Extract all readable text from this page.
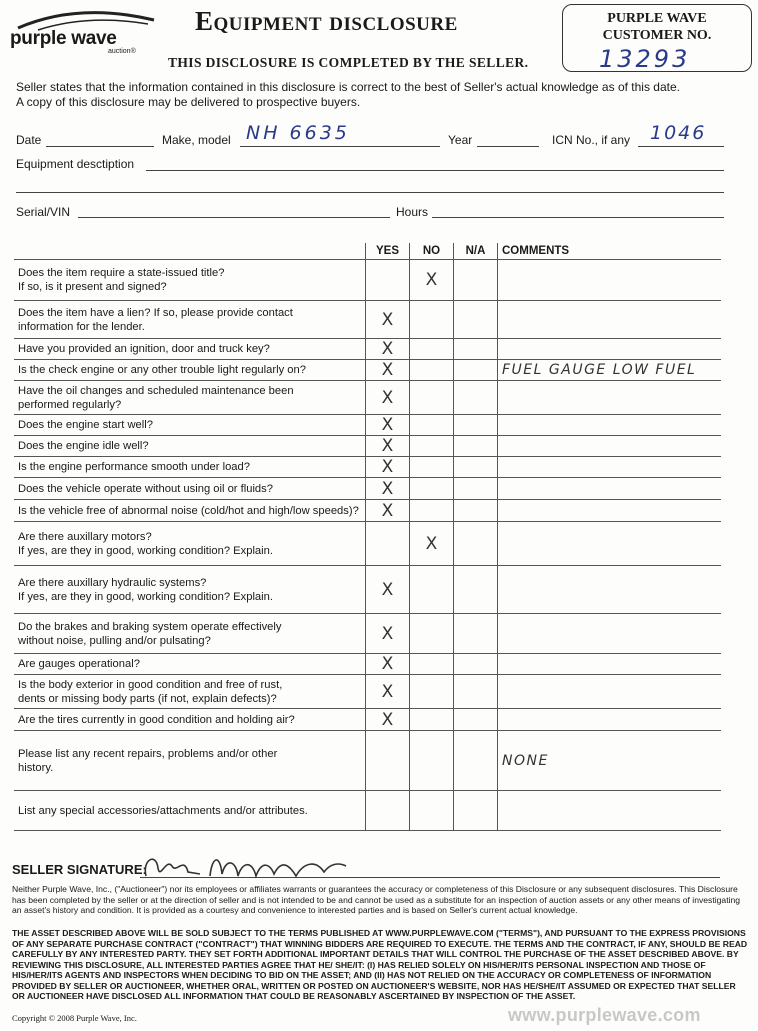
purple wave
auction®
Equipment disclosure
THIS DISCLOSURE IS COMPLETED BY THE SELLER.
PURPLE WAVE
CUSTOMER NO.
13293
Seller states that the information contained in this disclosure is correct to the best of Seller's actual knowledge as of this date.
A copy of this disclosure may be delivered to prospective buyers.
Date	Make, model NH 6635	Year	ICN No., if any 1046
Equipment desctiption
Serial/VIN	Hours
	YES	NO	N/A	COMMENTS

Does the item require a state-issued title?
If so, is it present and signed?		X		

Does the item have a lien? If so, please provide contact
information for the lender.	X			

Have you provided an ignition, door and truck key?	X			

Is the check engine or any other trouble light regularly on?	X			FUEL GAUGE LOW FUEL

Have the oil changes and scheduled maintenance been
performed regularly?	X			

Does the engine start well?	X			

Does the engine idle well?	X			

Is the engine performance smooth under load?	X			

Does the vehicle operate without using oil or fluids?	X			

Is the vehicle free of abnormal noise (cold/hot and high/low speeds)?	X			

Are there auxillary motors?
If yes, are they in good, working condition? Explain.		X		

Are there auxillary hydraulic systems?
If yes, are they in good, working condition? Explain.	X			

Do the brakes and braking system operate effectively
without noise, pulling and/or pulsating?	X			

Are gauges operational?	X			

Is the body exterior in good condition and free of rust,
dents or missing body parts (if not, explain defects)?	X			

Are the tires currently in good condition and holding air?	X			

Please list any recent repairs, problems and/or other
history.				NONE

List any special accessories/attachments and/or attributes.				

SELLER SIGNATURE:
Neither Purple Wave, Inc., ("Auctioneer") nor its employees or affiliates warrants or guarantees the accuracy or completeness of this Disclosure or any subsequent disclosures. This Disclosure has been completed by the seller or at the direction of seller and is not intended to be and cannot be used as a substitute for an inspection of auction assets or any other means of investigating an asset's history and condition. It is provided as a courtesy and convenience to interested parties and is based on Seller's current actual knowledge.
THE ASSET DESCRIBED ABOVE WILL BE SOLD SUBJECT TO THE TERMS PUBLISHED AT WWW.PURPLEWAVE.COM ("TERMS"), AND PURSUANT TO THE EXPRESS PROVISIONS OF ANY SEPARATE PURCHASE CONTRACT ("CONTRACT") THAT WINNING BIDDERS ARE REQUIRED TO EXECUTE. THE TERMS AND THE CONTRACT, IF ANY, SHOULD BE READ CAREFULLY BY ANY INTERESTED PARTY. THEY SET FORTH ADDITIONAL IMPORTANT DETAILS THAT WILL CONTROL THE PURCHASE OF THE ASSET DESCRIBED ABOVE. BY REVIEWING THIS DISCLOSURE, ALL INTERESTED PARTIES AGREE THAT HE/ SHE/IT: (I) HAS RELIED SOLELY ON HIS/HER/ITS PERSONAL INSPECTION AND THOSE OF HIS/HER/ITS AGENTS AND INSPECTORS WHEN DECIDING TO BID ON THE ASSET; AND (II) HAS NOT RELIED ON THE ACCURACY OR COMPLETENESS OF INFORMATION PROVIDED BY SELLER OR AUCTIONEER, WHETHER ORAL, WRITTEN OR POSTED ON AUCTIONEER'S WEBSITE, NOR HAS HE/SHE/IT ASSUMED OR EXPECTED THAT SELLER OR AUCTIONEER HAVE DISCLOSED ALL INFORMATION THAT COULD BE REASONABLY ASCERTAINED BY INSPECTION OF THE ASSET.
Copyright © 2008 Purple Wave, Inc.	www.purplewave.com
